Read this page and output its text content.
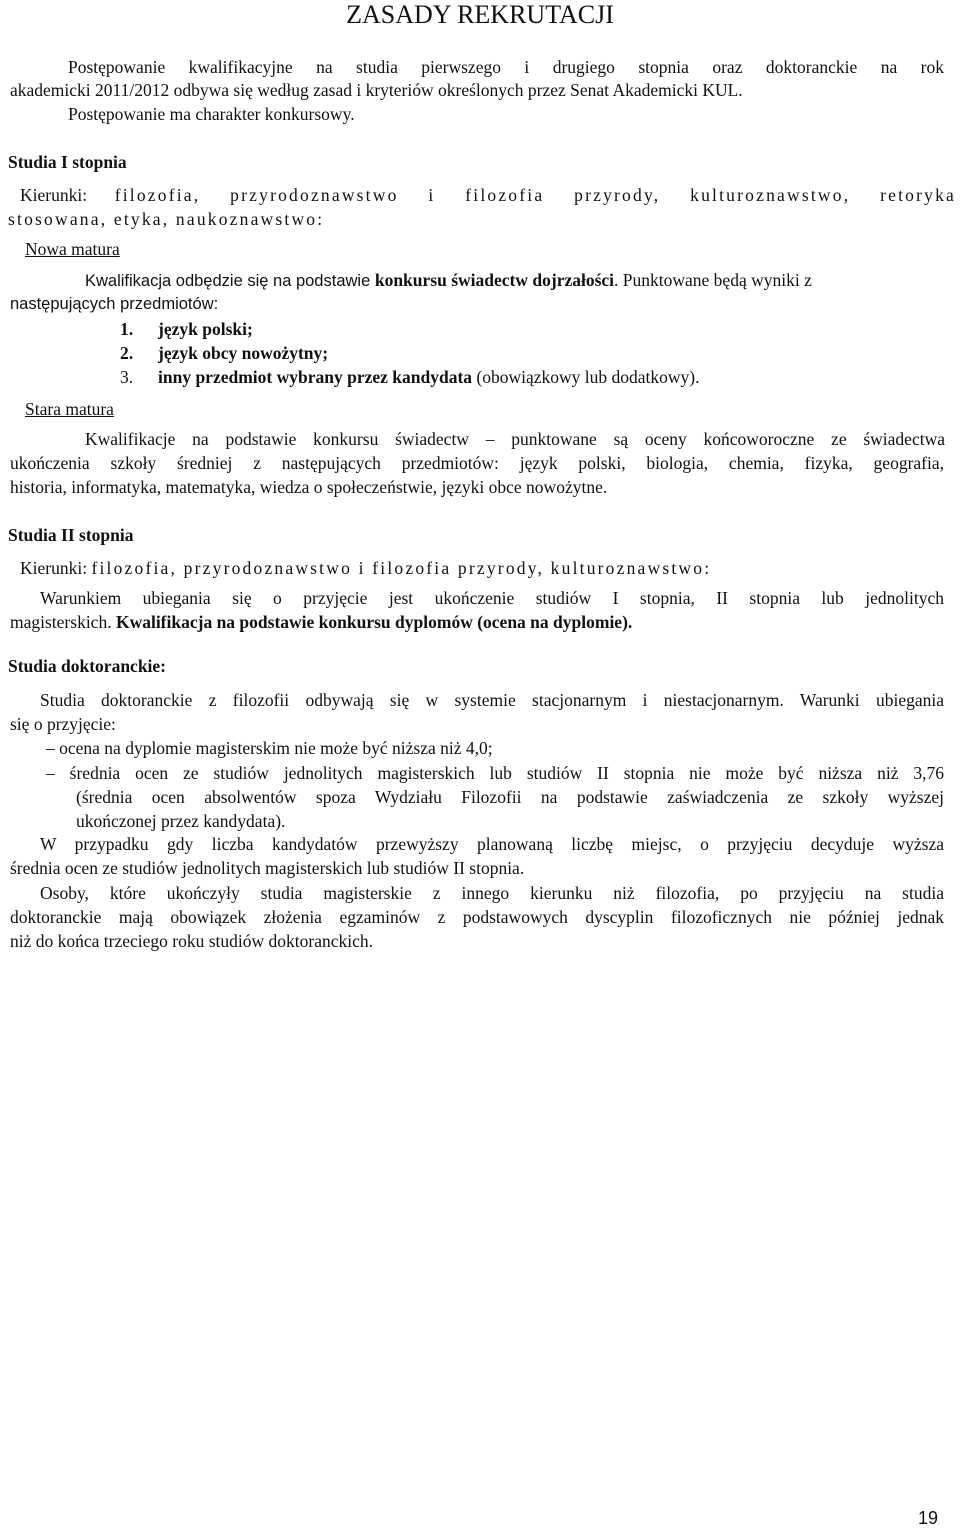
ZASADY REKRUTACJI
Postępowanie kwalifikacyjne na studia pierwszego i drugiego stopnia oraz doktoranckie na rok
akademicki 2011/2012 odbywa się według zasad i kryteriów określonych przez Senat Akademicki KUL.
Postępowanie ma charakter konkursowy.
Studia I stopnia
Kierunki: filozofia, przyrodoznawstwo i filozofia przyrody, kulturoznawstwo, retoryka
stosowana, etyka, naukoznawstwo:
Nowa matura
Kwalifikacja odbędzie się na podstawie konkursu świadectw dojrzałości. Punktowane będą wyniki z
następujących przedmiotów:
1. język polski;
2. język obcy nowożytny;
3. inny przedmiot wybrany przez kandydata (obowiązkowy lub dodatkowy).
Stara matura
Kwalifikacje na podstawie konkursu świadectw – punktowane są oceny końcoworoczne ze świadectwa
ukończenia szkoły średniej z następujących przedmiotów: język polski, biologia, chemia, fizyka, geografia,
historia, informatyka, matematyka, wiedza o społeczeństwie, języki obce nowożytne.
Studia II stopnia
Kierunki: filozofia, przyrodoznawstwo i filozofia przyrody, kulturoznawstwo:
Warunkiem ubiegania się o przyjęcie jest ukończenie studiów I stopnia, II stopnia lub jednolitych
magisterskich. Kwalifikacja na podstawie konkursu dyplomów (ocena na dyplomie).
Studia doktoranckie:
Studia doktoranckie z filozofii odbywają się w systemie stacjonarnym i niestacjonarnym. Warunki ubiegania
się o przyjęcie:
– ocena na dyplomie magisterskim nie może być niższa niż 4,0;
– średnia ocen ze studiów jednolitych magisterskich lub studiów II stopnia nie może być niższa niż 3,76
(średnia ocen absolwentów spoza Wydziału Filozofii na podstawie zaświadczenia ze szkoły wyższej
ukończonej przez kandydata).
W przypadku gdy liczba kandydatów przewyższy planowaną liczbę miejsc, o przyjęciu decyduje wyższa
średnia ocen ze studiów jednolitych magisterskich lub studiów II stopnia.
Osoby, które ukończyły studia magisterskie z innego kierunku niż filozofia, po przyjęciu na studia
doktoranckie mają obowiązek złożenia egzaminów z podstawowych dyscyplin filozoficznych nie później jednak
niż do końca trzeciego roku studiów doktoranckich.
19
